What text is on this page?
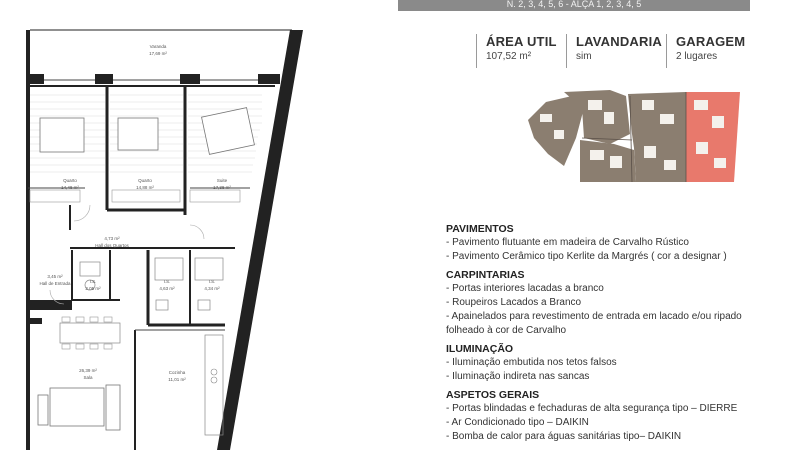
Varanda
17,69 m²
Quarto
14,48 m²
Quarto
14,88 m²
Suite
17,38 m²
4,73 m²
Hall dos Quartos
3,45 m²
Hall de Entrada	I.S.
2,05 m²
I.S.
4,63 m²
I.S.
4,34 m²
26,39 m²
Sala
Cozinha
11,01 m²
N. 2, 3, 4, 5, 6 - ALÇA 1, 2, 3, 4, 5
ÁREA UTIL
107,52 m²
LAVANDARIA
sim
GARAGEM
2 lugares
PAVIMENTOS
- Pavimento flutuante em madeira de Carvalho Rústico
- Pavimento Cerâmico tipo Kerlite da Margrés ( cor a designar )
CARPINTARIAS
- Portas interiores lacadas a branco
- Roupeiros Lacados a Branco
- Apainelados para revestimento de entrada em lacado e/ou ripado folheado à cor de Carvalho
ILUMINAÇÃO
- Iluminação embutida nos tetos falsos
- Iluminação indireta nas sancas
ASPETOS GERAIS
- Portas blindadas e fechaduras de alta segurança tipo – DIERRE
- Ar Condicionado tipo – DAIKIN
- Bomba de calor para águas sanitárias tipo– DAIKIN
